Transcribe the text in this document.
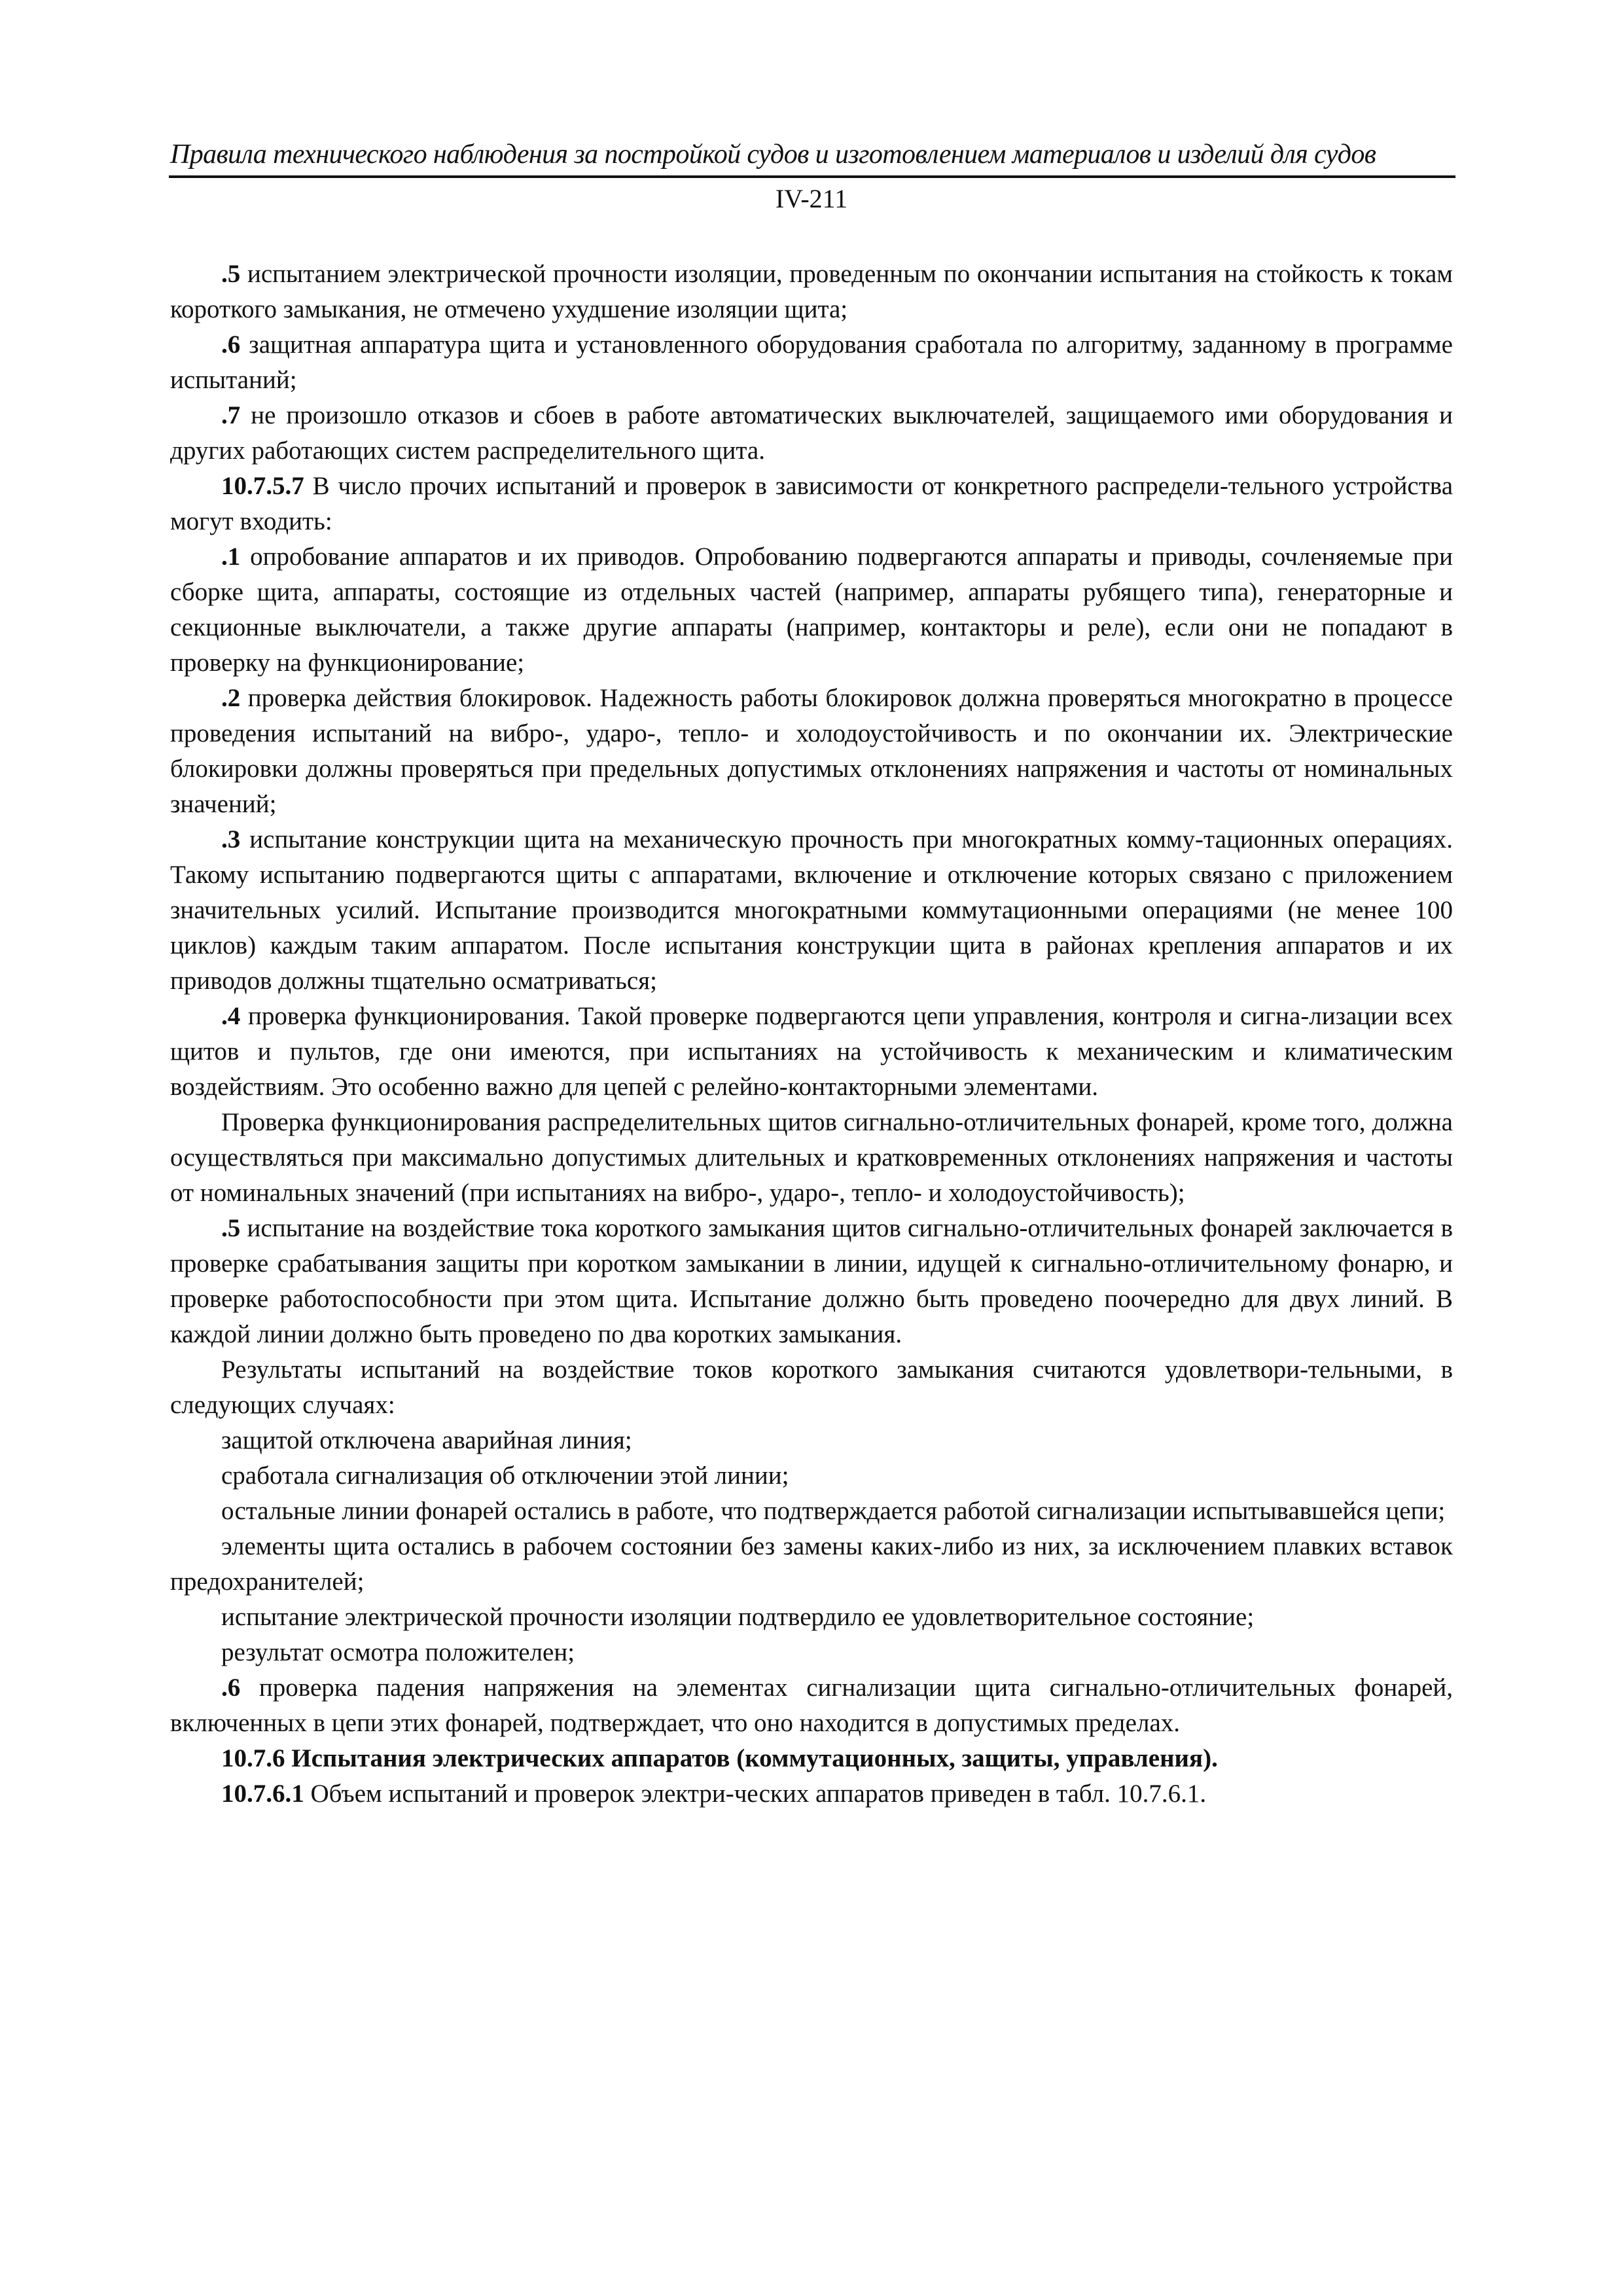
Правила технического наблюдения за постройкой судов и изготовлением материалов и изделий для судов
IV-211

.5 испытанием электрической прочности изоляции, проведенным по окончании испытания на стойкость к токам короткого замыкания, не отмечено ухудшение изоляции щита;

.6 защитная аппаратура щита и установленного оборудования сработала по алгоритму, заданному в программе испытаний;

.7 не произошло отказов и сбоев в работе автоматических выключателей, защищаемого ими оборудования и других работающих систем распределительного щита.

10.7.5.7 В число прочих испытаний и проверок в зависимости от конкретного распредели-тельного устройства могут входить:

.1 опробование аппаратов и их приводов. Опробованию подвергаются аппараты и приводы, сочленяемые при сборке щита, аппараты, состоящие из отдельных частей (например, аппараты рубящего типа), генераторные и секционные выключатели, а также другие аппараты (например, контакторы и реле), если они не попадают в проверку на функционирование;

.2 проверка действия блокировок. Надежность работы блокировок должна проверяться многократно в процессе проведения испытаний на вибро-, ударо-, тепло- и холодоустойчивость и по окончании их. Электрические блокировки должны проверяться при предельных допустимых отклонениях напряжения и частоты от номинальных значений;

.3 испытание конструкции щита на механическую прочность при многократных комму-тационных операциях. Такому испытанию подвергаются щиты с аппаратами, включение и отключение которых связано с приложением значительных усилий. Испытание производится многократными коммутационными операциями (не менее 100 циклов) каждым таким аппаратом. После испытания конструкции щита в районах крепления аппаратов и их приводов должны тщательно осматриваться;

.4 проверка функционирования. Такой проверке подвергаются цепи управления, контроля и сигна-лизации всех щитов и пультов, где они имеются, при испытаниях на устойчивость к механическим и климатическим воздействиям. Это особенно важно для цепей с релейно-контакторными элементами.

Проверка функционирования распределительных щитов сигнально-отличительных фонарей, кроме того, должна осуществляться при максимально допустимых длительных и кратковременных отклонениях напряжения и частоты от номинальных значений (при испытаниях на вибро-, ударо-, тепло- и холодоустойчивость);

.5 испытание на воздействие тока короткого замыкания щитов сигнально-отличительных фонарей заключается в проверке срабатывания защиты при коротком замыкании в линии, идущей к сигнально-отличительному фонарю, и проверке работоспособности при этом щита. Испытание должно быть проведено поочередно для двух линий. В каждой линии должно быть проведено по два коротких замыкания.

Результаты испытаний на воздействие токов короткого замыкания считаются удовлетвори-тельными, в следующих случаях:

защитой отключена аварийная линия;

сработала сигнализация об отключении этой линии;

остальные линии фонарей остались в работе, что подтверждается работой сигнализации испытывавшейся цепи;

элементы щита остались в рабочем состоянии без замены каких-либо из них, за исключением плавких вставок предохранителей;

испытание электрической прочности изоляции подтвердило ее удовлетворительное состояние;

результат осмотра положителен;

.6 проверка падения напряжения на элементах сигнализации щита сигнально-отличительных фонарей, включенных в цепи этих фонарей, подтверждает, что оно находится в допустимых пределах.

10.7.6 Испытания электрических аппаратов (коммутационных, защиты, управления).

10.7.6.1 Объем испытаний и проверок электри-ческих аппаратов приведен в табл. 10.7.6.1.
